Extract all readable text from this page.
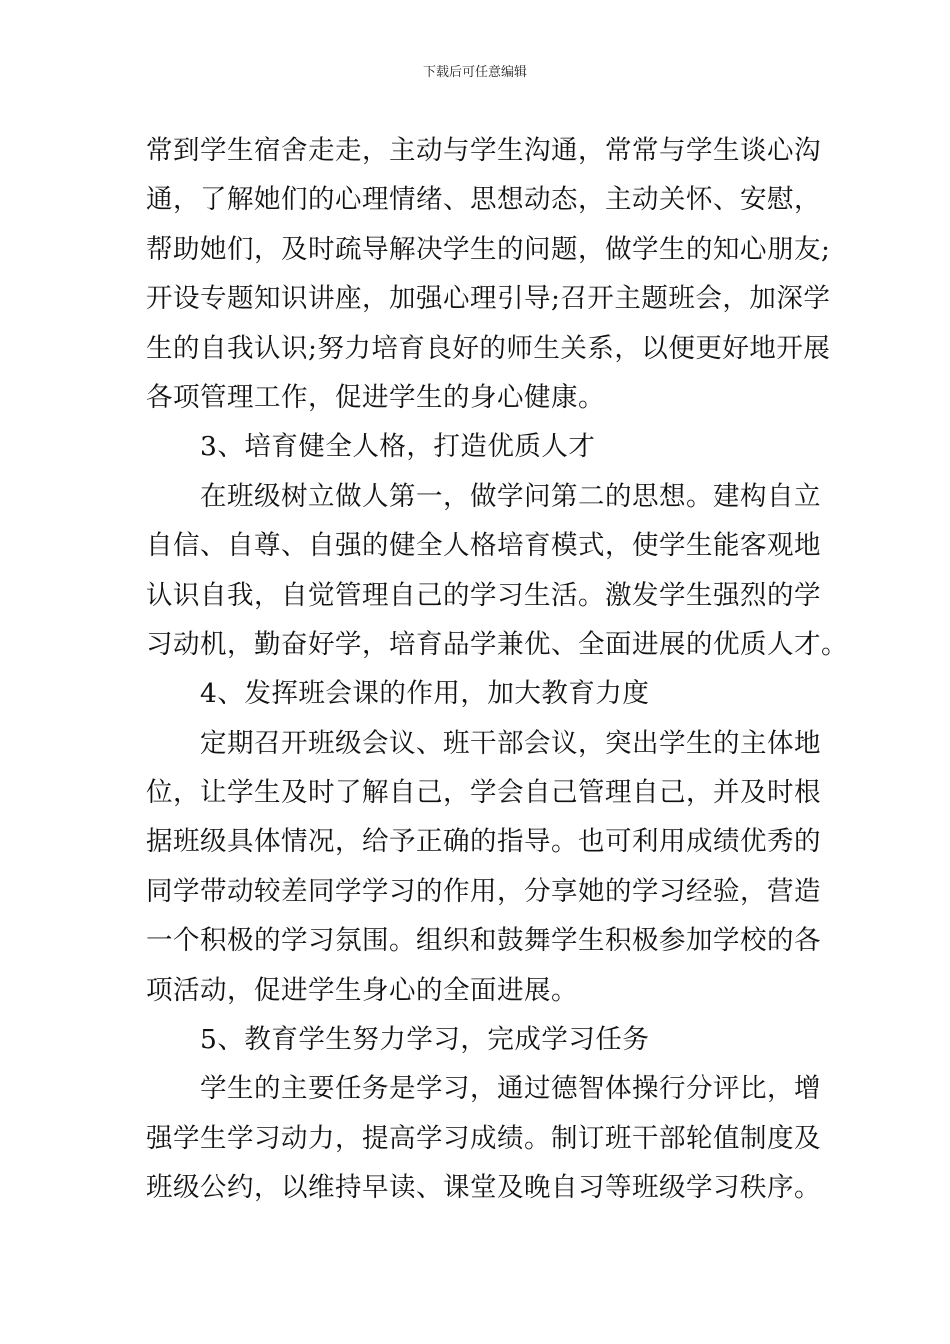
下载后可任意编辑
常到学生宿舍走走，主动与学生沟通，常常与学生谈心沟
通，了解她们的心理情绪、思想动态，主动关怀、安慰，
帮助她们，及时疏导解决学生的问题，做学生的知心朋友;
开设专题知识讲座，加强心理引导;召开主题班会，加深学
生的自我认识;努力培育良好的师生关系，以便更好地开展
各项管理工作，促进学生的身心健康。
3、培育健全人格，打造优质人才
在班级树立做人第一，做学问第二的思想。建构自立
自信、自尊、自强的健全人格培育模式，使学生能客观地
认识自我，自觉管理自己的学习生活。激发学生强烈的学
习动机，勤奋好学，培育品学兼优、全面进展的优质人才。
4、发挥班会课的作用，加大教育力度
定期召开班级会议、班干部会议，突出学生的主体地
位，让学生及时了解自己，学会自己管理自己，并及时根
据班级具体情况，给予正确的指导。也可利用成绩优秀的
同学带动较差同学学习的作用，分享她的学习经验，营造
一个积极的学习氛围。组织和鼓舞学生积极参加学校的各
项活动，促进学生身心的全面进展。
5、教育学生努力学习，完成学习任务
学生的主要任务是学习，通过德智体操行分评比，增
强学生学习动力，提高学习成绩。制订班干部轮值制度及
班级公约，以维持早读、课堂及晚自习等班级学习秩序。
